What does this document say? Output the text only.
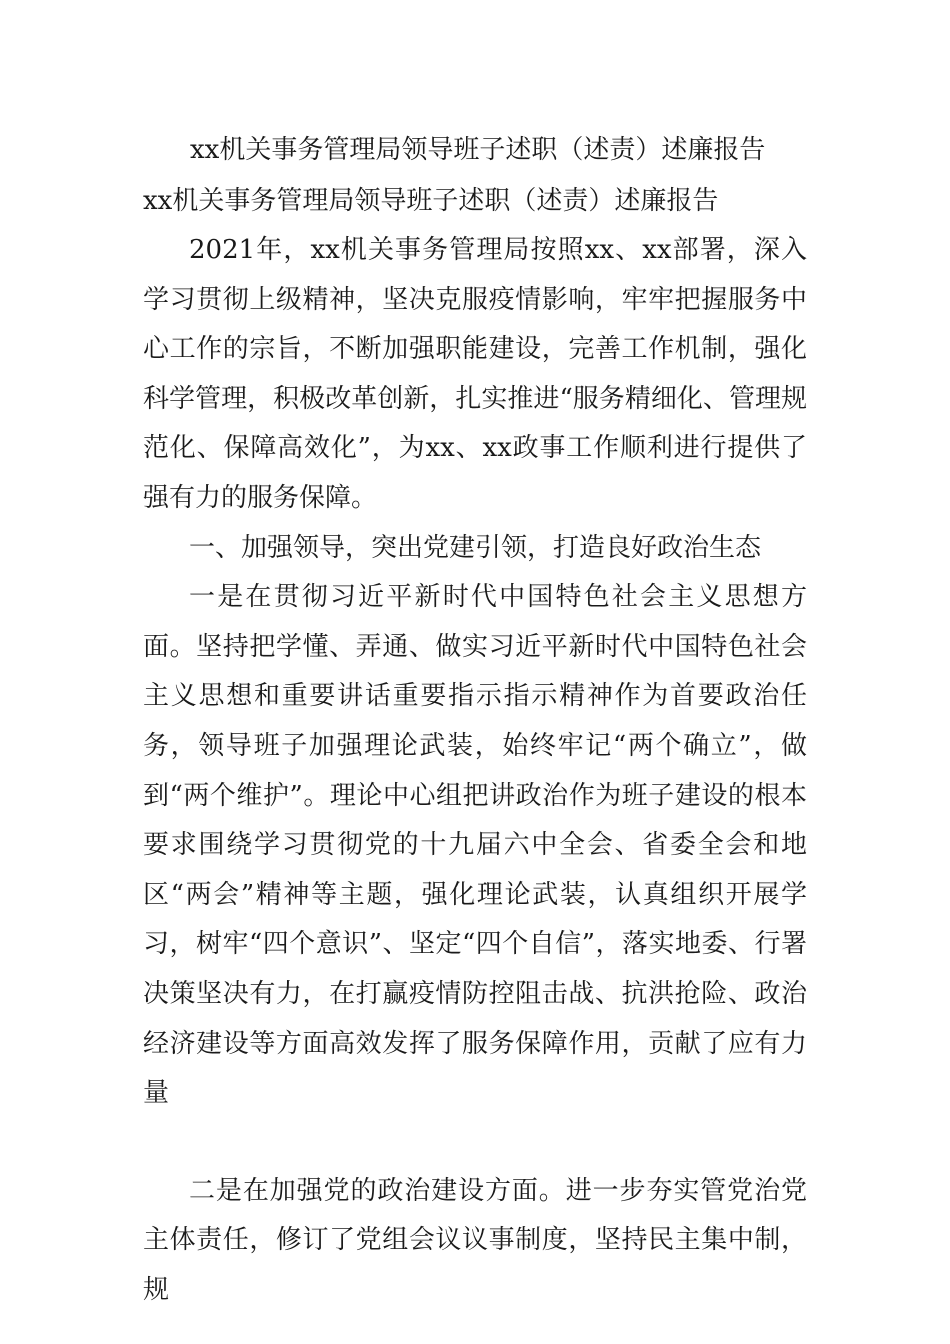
xx机关事务管理局领导班子述职（述责）述廉报告
xx机关事务管理局领导班子述职（述责）述廉报告

2021年，xx机关事务管理局按照xx、xx部署，深入学习贯彻上级精神，坚决克服疫情影响，牢牢把握服务中心工作的宗旨，不断加强职能建设，完善工作机制，强化科学管理，积极改革创新，扎实推进“服务精细化、管理规范化、保障高效化”，为xx、xx政事工作顺利进行提供了强有力的服务保障。

一、加强领导，突出党建引领，打造良好政治生态

一是在贯彻习近平新时代中国特色社会主义思想方面。坚持把学懂、弄通、做实习近平新时代中国特色社会主义思想和重要讲话重要指示指示精神作为首要政治任务，领导班子加强理论武装，始终牢记“两个确立”，做到“两个维护”。理论中心组把讲政治作为班子建设的根本要求围绕学习贯彻党的十九届六中全会、省委全会和地区“两会”精神等主题，强化理论武装，认真组织开展学习，树牢“四个意识”、坚定“四个自信”，落实地委、行署决策坚决有力，在打赢疫情防控阻击战、抗洪抢险、政治经济建设等方面高效发挥了服务保障作用，贡献了应有力量

二是在加强党的政治建设方面。进一步夯实管党治党主体责任，修订了党组会议议事制度，坚持民主集中制，规
